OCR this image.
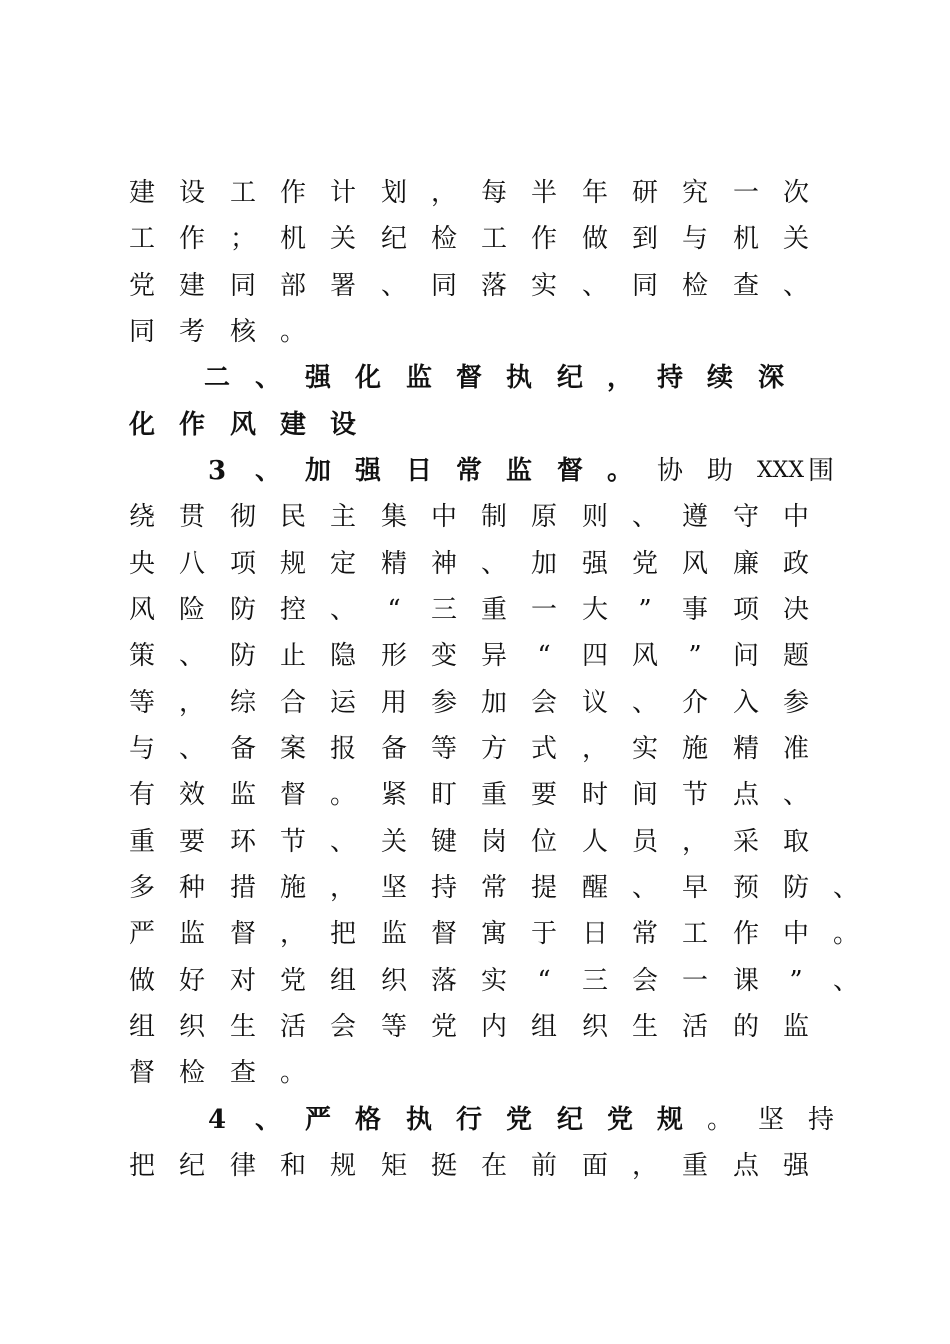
建 设 工 作 计 划 ， 每 半 年 研 究 一 次
工 作 ； 机 关 纪 检 工 作 做 到 与 机 关
党 建 同 部 署 、 同 落 实 、 同 检 查 、
同 考 核 。
二 、 强 化 监 督 执 纪 ， 持 续 深
化 作 风 建 设
3 、 加 强 日 常 监 督 。 协 助 XXX 围
绕 贯 彻 民 主 集 中 制 原 则 、 遵 守 中
央 八 项 规 定 精 神 、 加 强 党 风 廉 政
风 险 防 控 、 “ 三 重 一 大 ” 事 项 决
策 、 防 止 隐 形 变 异 “ 四 风 ” 问 题
等 ， 综 合 运 用 参 加 会 议 、 介 入 参
与 、 备 案 报 备 等 方 式 ， 实 施 精 准
有 效 监 督 。 紧 盯 重 要 时 间 节 点 、
重 要 环 节 、 关 键 岗 位 人 员 ， 采 取
多 种 措 施 ， 坚 持 常 提 醒 、 早 预 防 、
严 监 督 ， 把 监 督 寓 于 日 常 工 作 中 。
做 好 对 党 组 织 落 实 “ 三 会 一 课 ” 、
组 织 生 活 会 等 党 内 组 织 生 活 的 监
督 检 查 。
4 、 严 格 执 行 党 纪 党 规 。 坚 持
把 纪 律 和 规 矩 挺 在 前 面 ， 重 点 强
